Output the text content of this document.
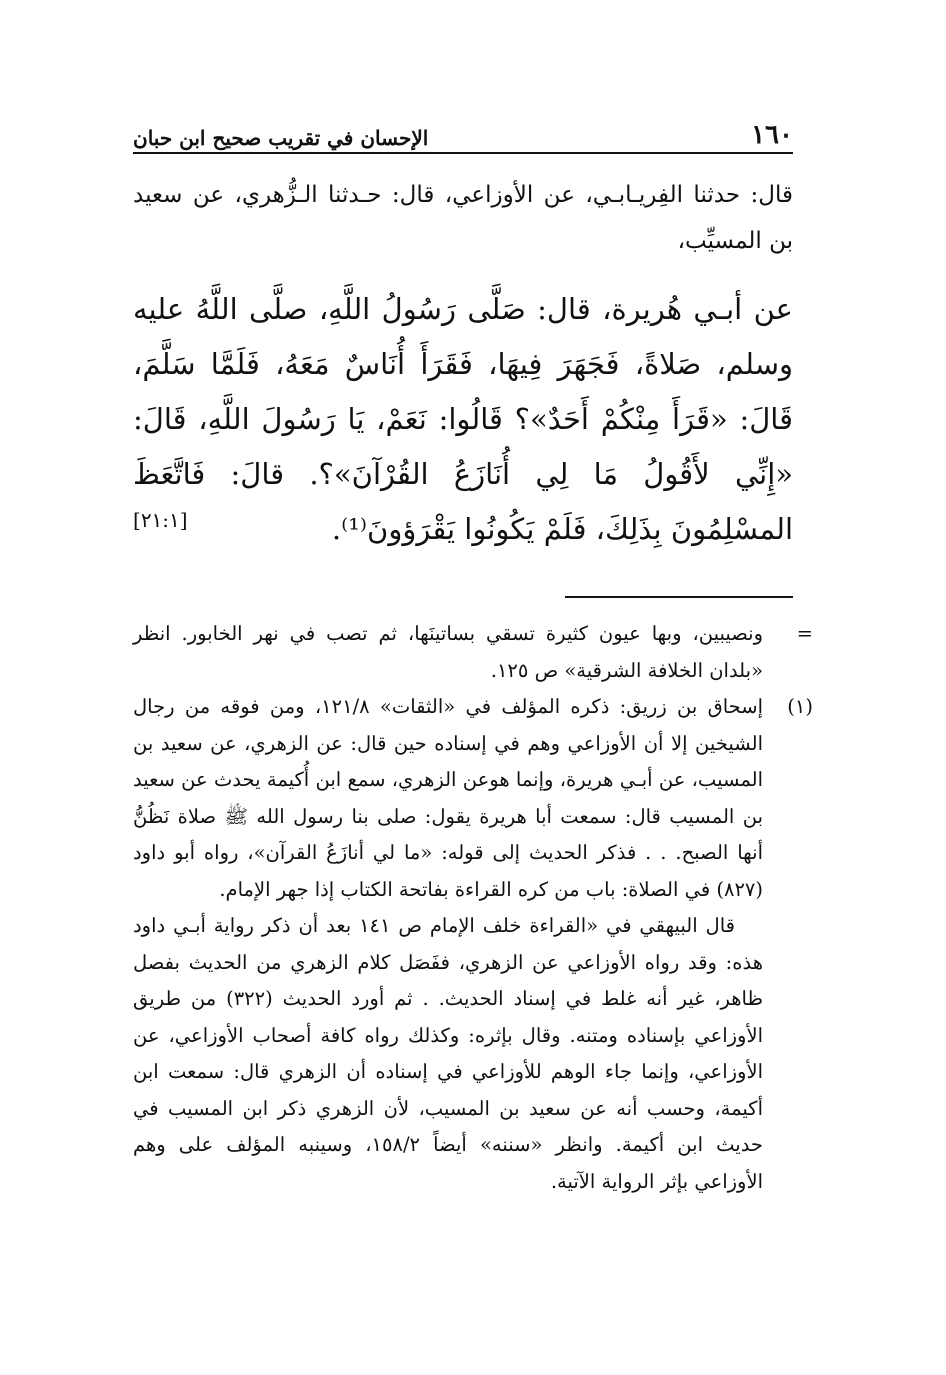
١٦٠
الإحسان في تقريب صحيح ابن حبان

قال: حدثنا الفِريـابـي، عن الأوزاعي، قال: حـدثنا الـزُّهري، عن سعيد بن المسيِّب،

عن أبـي هُريرة، قال: صَلَّى رَسُولُ اللَّهِ، صلَّى اللَّهُ عليه وسلم، صَلاةً، فَجَهَرَ فِيهَا، فَقَرَأَ أُنَاسٌ مَعَهُ، فَلَمَّا سَلَّمَ، قَالَ: «قَرَأَ مِنْكُمْ أَحَدٌ»؟ قَالُوا: نَعَمْ، يَا رَسُولَ اللَّهِ، قَالَ: «إِنِّي لأَقُولُ مَا لِي أُنَازَعُ القُرْآنَ»؟. قالَ: فَاتَّعَظَ المسْلِمُونَ بِذَلِكَ، فَلَمْ يَكُونُوا يَقْرَؤونَ⁽¹⁾.

[٢١:١]
=

ونصيبين، وبها عيون كثيرة تسقي بساتينَها، ثم تصب في نهر الخابور. انظر «بلدان الخلافة الشرقية» ص ١٢٥.

(١)

إسحاق بن زريق: ذكره المؤلف في «الثقات» ١٢١/٨، ومن فوقه من رجال الشيخين إلا أن الأوزاعي وهم في إسناده حين قال: عن الزهري، عن سعيد بن المسيب، عن أبـي هريرة، وإنما هوعن الزهري، سمع ابن أُكيمة يحدث عن سعيد بن المسيب قال: سمعت أبا هريرة يقول: صلى بنا رسول الله ﷺ صلاة نَظُنُّ أنها الصبح. . . فذكر الحديث إلى قوله: «ما لي أنازَعُ القرآن»، رواه أبو داود (٨٢٧) في الصلاة: باب من كره القراءة بفاتحة الكتاب إذا جهر الإمام.

قال البيهقي في «القراءة خلف الإمام ص ١٤١ بعد أن ذكر رواية أبـي داود هذه: وقد رواه الأوزاعي عن الزهري، ففَصَل كلام الزهري من الحديث بفصل ظاهر، غير أنه غلط في إسناد الحديث. . ثم أورد الحديث (٣٢٢) من طريق الأوزاعي بإسناده ومتنه. وقال بإثره: وكذلك رواه كافة أصحاب الأوزاعي، عن الأوزاعي، وإنما جاء الوهم للأوزاعي في إسناده أن الزهري قال: سمعت ابن أكيمة، وحسب أنه عن سعيد بن المسيب، لأن الزهري ذكر ابن المسيب في حديث ابن أكيمة. وانظر «سننه» أيضاً ١٥٨/٢، وسينبه المؤلف على وهم الأوزاعي بإثر الرواية الآتية.
